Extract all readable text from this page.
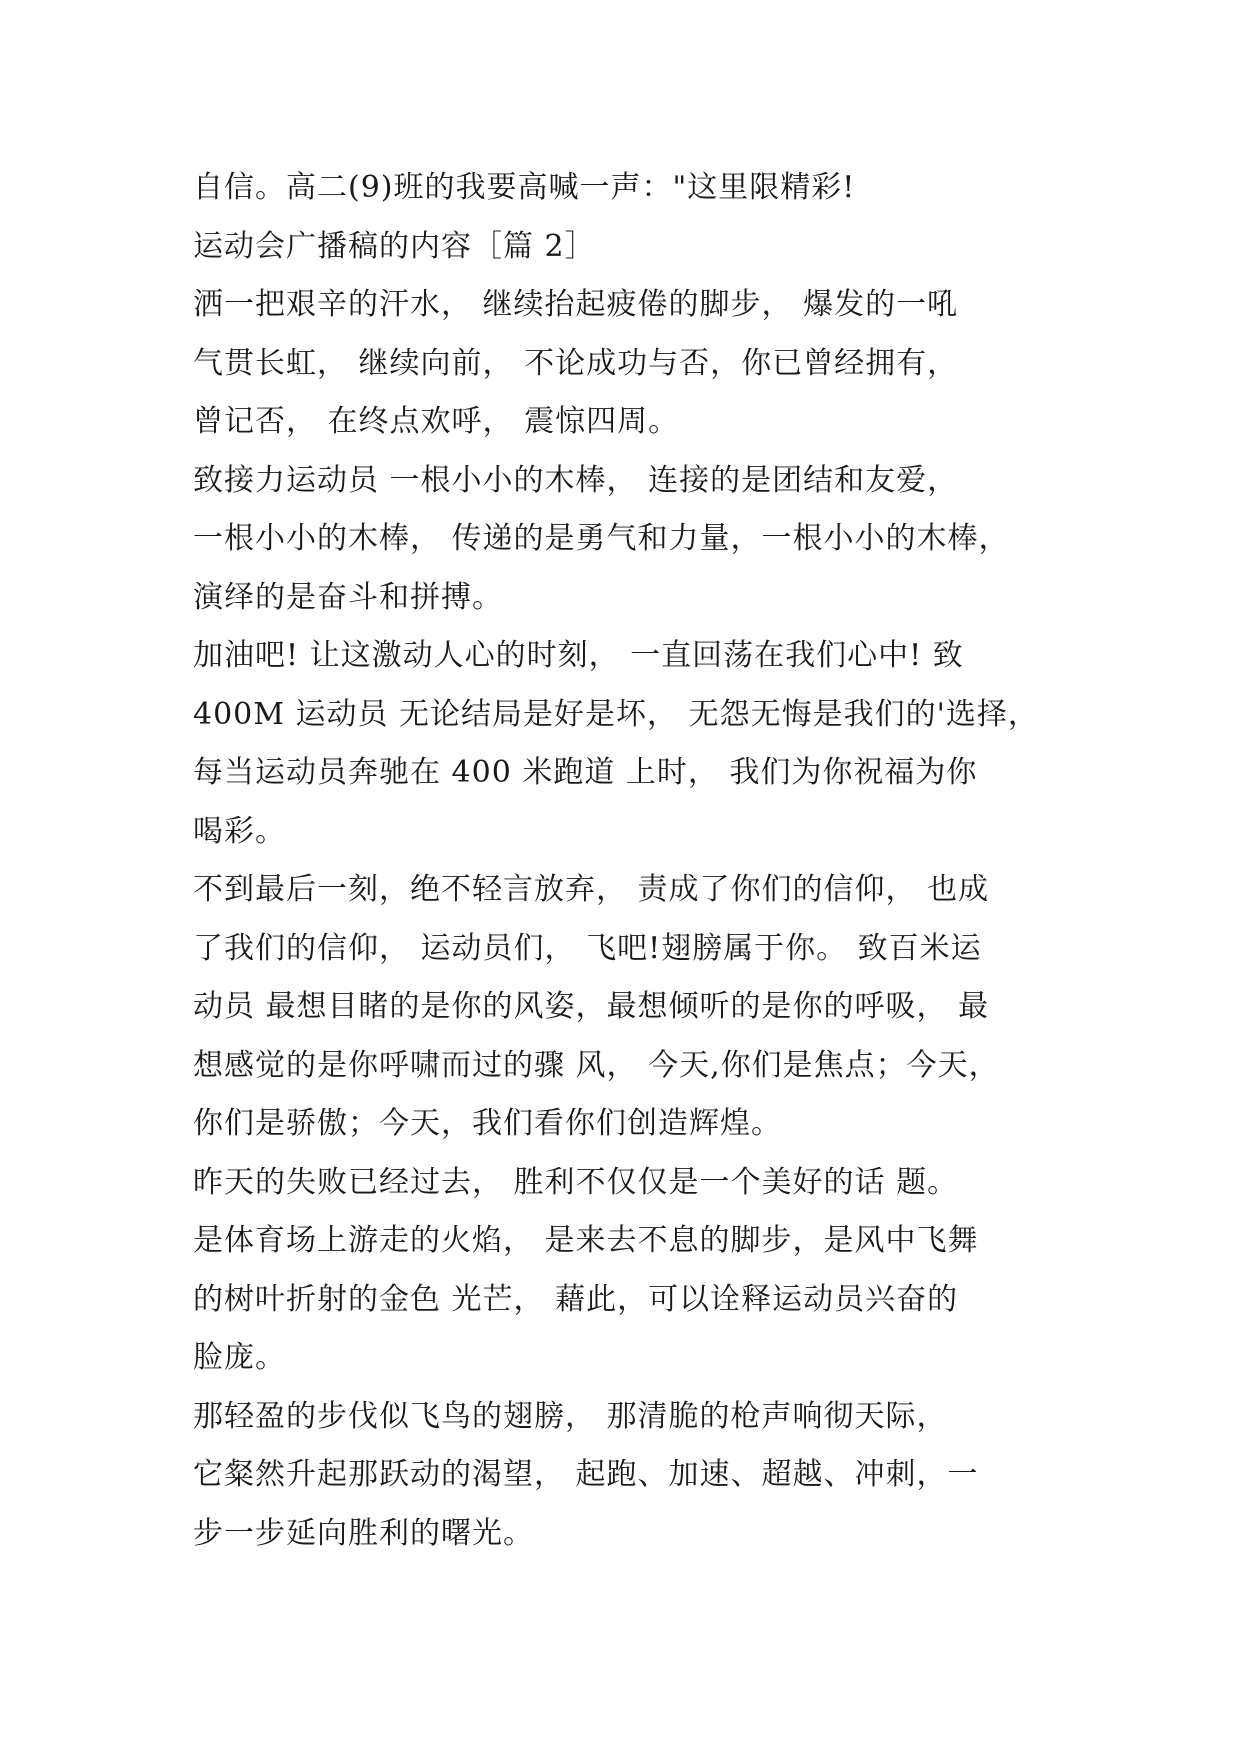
自信。高二(9)班的我要高喊一声："这里限精彩!
运动会广播稿的内容［篇 2］
洒一把艰辛的汗水， 继续抬起疲倦的脚步， 爆发的一吼
气贯长虹， 继续向前， 不论成功与否，你已曾经拥有，
曾记否， 在终点欢呼， 震惊四周。
致接力运动员 一根小小的木棒， 连接的是团结和友爱，
一根小小的木棒， 传递的是勇气和力量，一根小小的木棒，
演绎的是奋斗和拼搏。
加油吧! 让这激动人心的时刻， 一直回荡在我们心中! 致
400M 运动员 无论结局是好是坏， 无怨无悔是我们的'选择，
每当运动员奔驰在 400 米跑道 上时， 我们为你祝福为你
喝彩。
不到最后一刻，绝不轻言放弃， 责成了你们的信仰， 也成
了我们的信仰， 运动员们， 飞吧!翅膀属于你。 致百米运
动员 最想目睹的是你的风姿，最想倾听的是你的呼吸， 最
想感觉的是你呼啸而过的骤 风， 今天,你们是焦点；今天，
你们是骄傲；今天，我们看你们创造辉煌。
昨天的失败已经过去， 胜利不仅仅是一个美好的话 题。
是体育场上游走的火焰， 是来去不息的脚步，是风中飞舞
的树叶折射的金色 光芒， 藉此，可以诠释运动员兴奋的
脸庞。
那轻盈的步伐似飞鸟的翅膀， 那清脆的枪声响彻天际，
它粲然升起那跃动的渴望， 起跑、加速、超越、冲刺，一
步一步延向胜利的曙光。
